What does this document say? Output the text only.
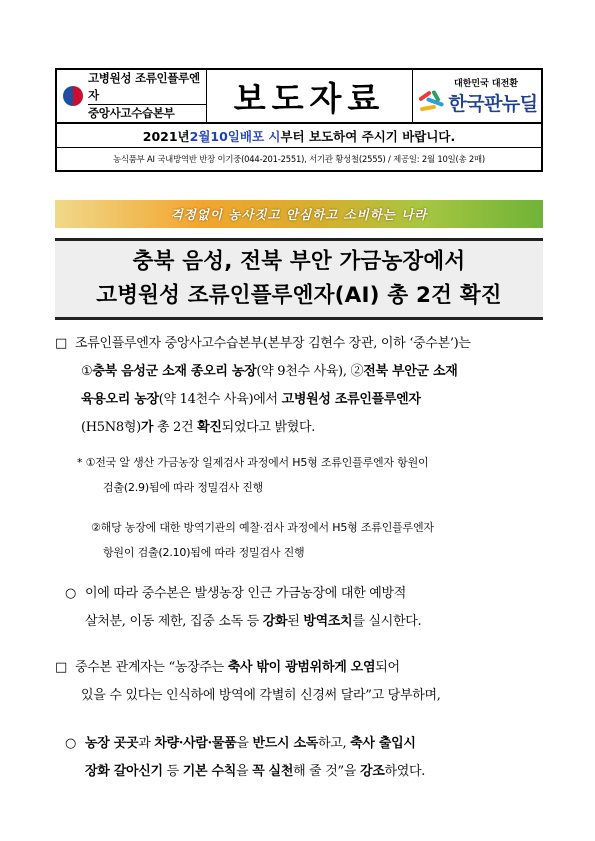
고병원성 조류인플루엔자
중앙사고수습본부	보도자료	대한민국 대전환
한국판뉴딜
2021년 2월 10일 배포 시 부터 보도하여 주시기 바랍니다.
농식품부 AI 국내방역반 반장 이기중(044-201-2551), 서기관 황성철(2555) / 제공일: 2월 10일(총 2매)
걱정없이 농사짓고 안심하고 소비하는 나라
충북 음성, 전북 부안 가금농장에서
고병원성 조류인플루엔자(AI) 총 2건 확진
□ 조류인플루엔자 중앙사고수습본부(본부장 김현수 장관, 이하 ‘중수본’)는
①충북 음성군 소재 종오리 농장(약 9천수 사육), ②전북 부안군 소재
육용오리 농장(약 14천수 사육)에서 고병원성 조류인플루엔자
(H5N8형)가 총 2건 확진되었다고 밝혔다.
* ①전국 알 생산 가금농장 일제검사 과정에서 H5형 조류인플루엔자 항원이
검출(2.9)됨에 따라 정밀검사 진행
②해당 농장에 대한 방역기관의 예찰·검사 과정에서 H5형 조류인플루엔자
항원이 검출(2.10)됨에 따라 정밀검사 진행
○ 이에 따라 중수본은 발생농장 인근 가금농장에 대한 예방적
살처분, 이동 제한, 집중 소독 등 강화된 방역조치를 실시한다.
□ 중수본 관계자는 “농장주는 축사 밖이 광범위하게 오염되어
있을 수 있다는 인식하에 방역에 각별히 신경써 달라”고 당부하며,
○ 농장 곳곳과 차량·사람·물품을 반드시 소독하고, 축사 출입시
장화 갈아신기 등 기본 수칙을 꼭 실천해 줄 것”을 강조하였다.
